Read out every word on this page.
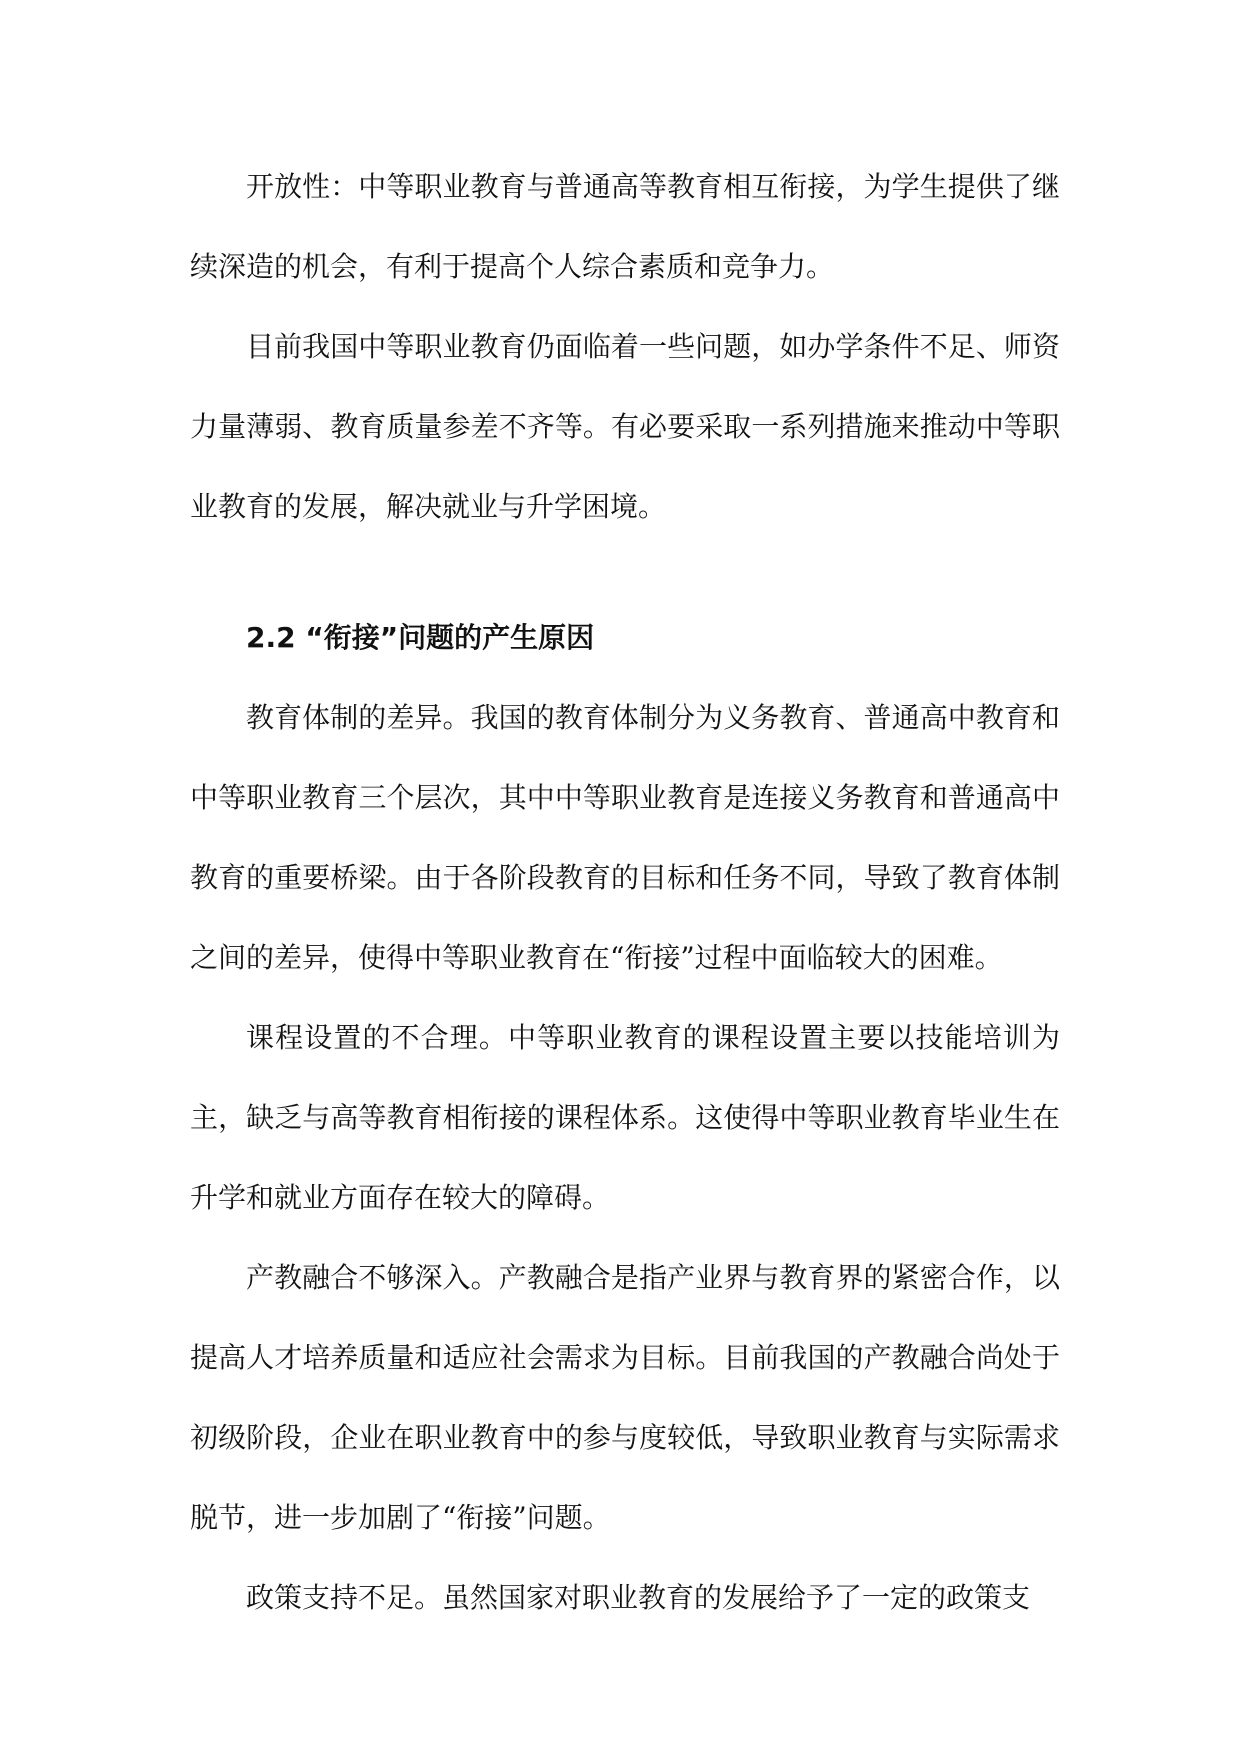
开放性：中等职业教育与普通高等教育相互衔接，为学生提供了继续深造的机会，有利于提高个人综合素质和竞争力。

目前我国中等职业教育仍面临着一些问题，如办学条件不足、师资力量薄弱、教育质量参差不齐等。有必要采取一系列措施来推动中等职业教育的发展，解决就业与升学困境。

2.2 “衔接”问题的产生原因

教育体制的差异。我国的教育体制分为义务教育、普通高中教育和中等职业教育三个层次，其中中等职业教育是连接义务教育和普通高中教育的重要桥梁。由于各阶段教育的目标和任务不同，导致了教育体制之间的差异，使得中等职业教育在“衔接”过程中面临较大的困难。

课程设置的不合理。中等职业教育的课程设置主要以技能培训为主，缺乏与高等教育相衔接的课程体系。这使得中等职业教育毕业生在升学和就业方面存在较大的障碍。

产教融合不够深入。产教融合是指产业界与教育界的紧密合作，以提高人才培养质量和适应社会需求为目标。目前我国的产教融合尚处于初级阶段，企业在职业教育中的参与度较低，导致职业教育与实际需求脱节，进一步加剧了“衔接”问题。

政策支持不足。虽然国家对职业教育的发展给予了一定的政策支
